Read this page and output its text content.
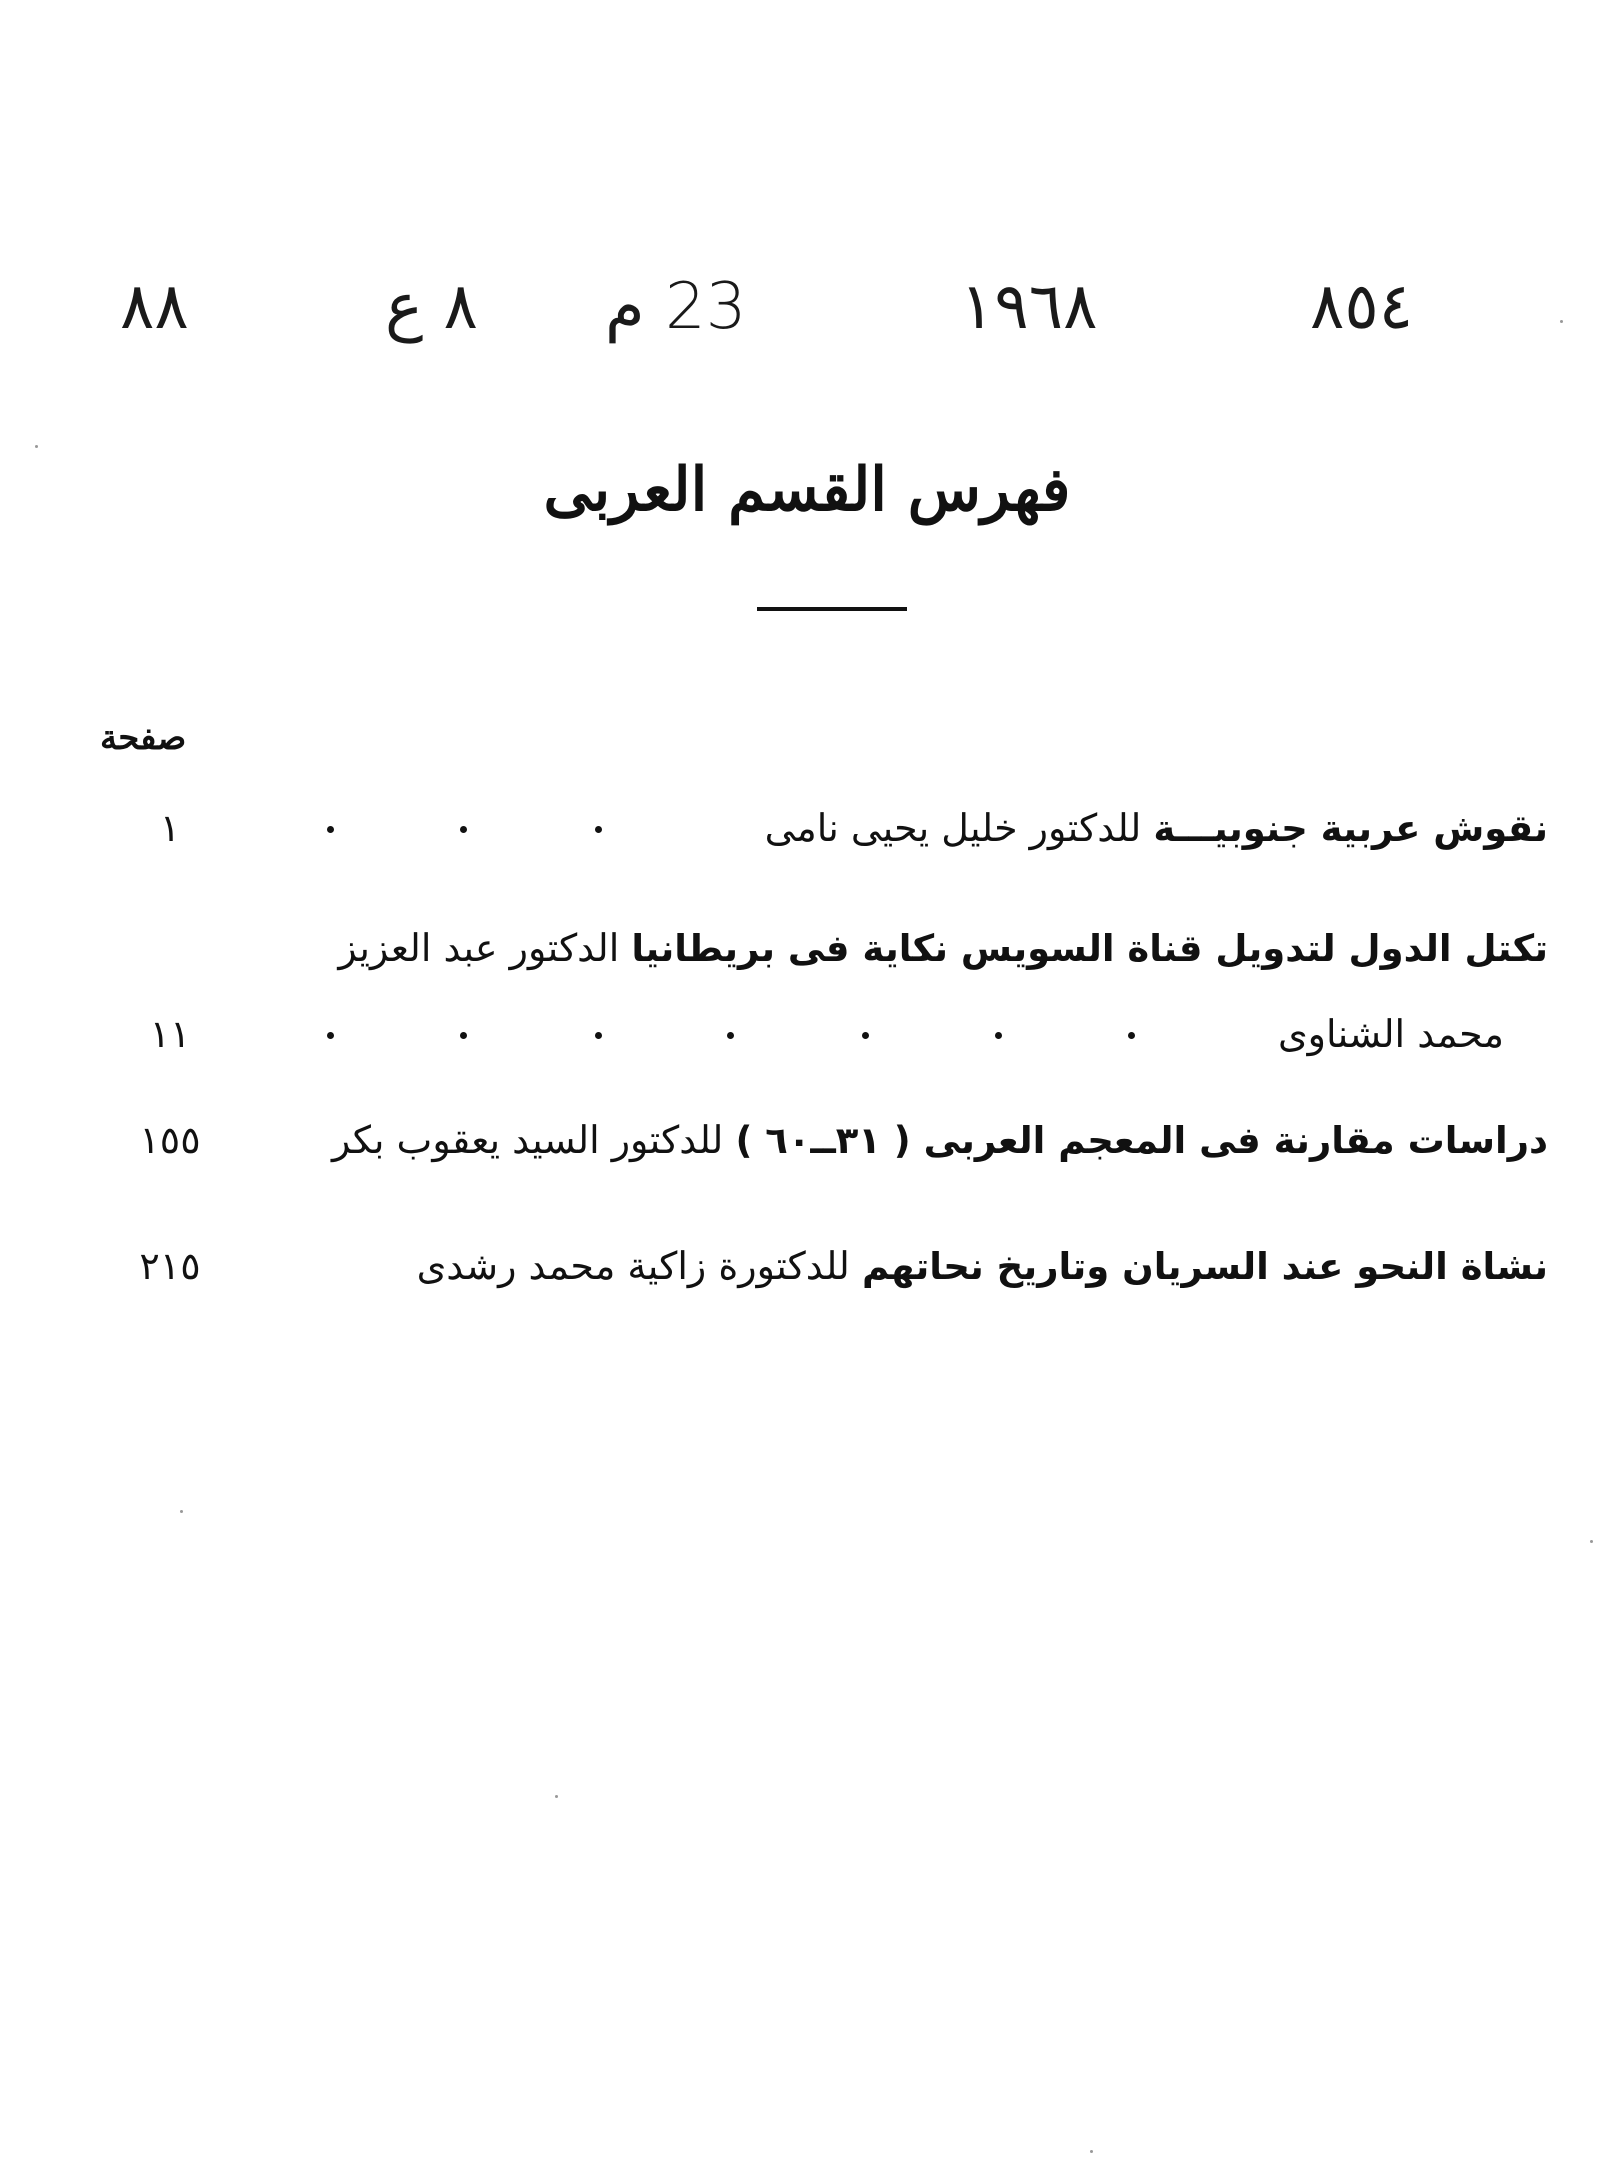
٨٨	٨ ع 23 م	١٩٦٨	٨٥٤
فهرس القسم العربى
صفحة
نقوش عربية جنوبيـــة للدكتور خليل يحيى نامى
١
تكتل الدول لتدويل قناة السويس نكاية فى بريطانيا الدكتور عبد العزيز
محمد الشناوى
١١
دراسات مقارنة فى المعجم العربى ( ٣١ــ٦٠ ) للدكتور السيد يعقوب بكر
١٥٥
نشاة النحو عند السريان وتاريخ نحاتهم للدكتورة زاكية محمد رشدى
٢١٥
